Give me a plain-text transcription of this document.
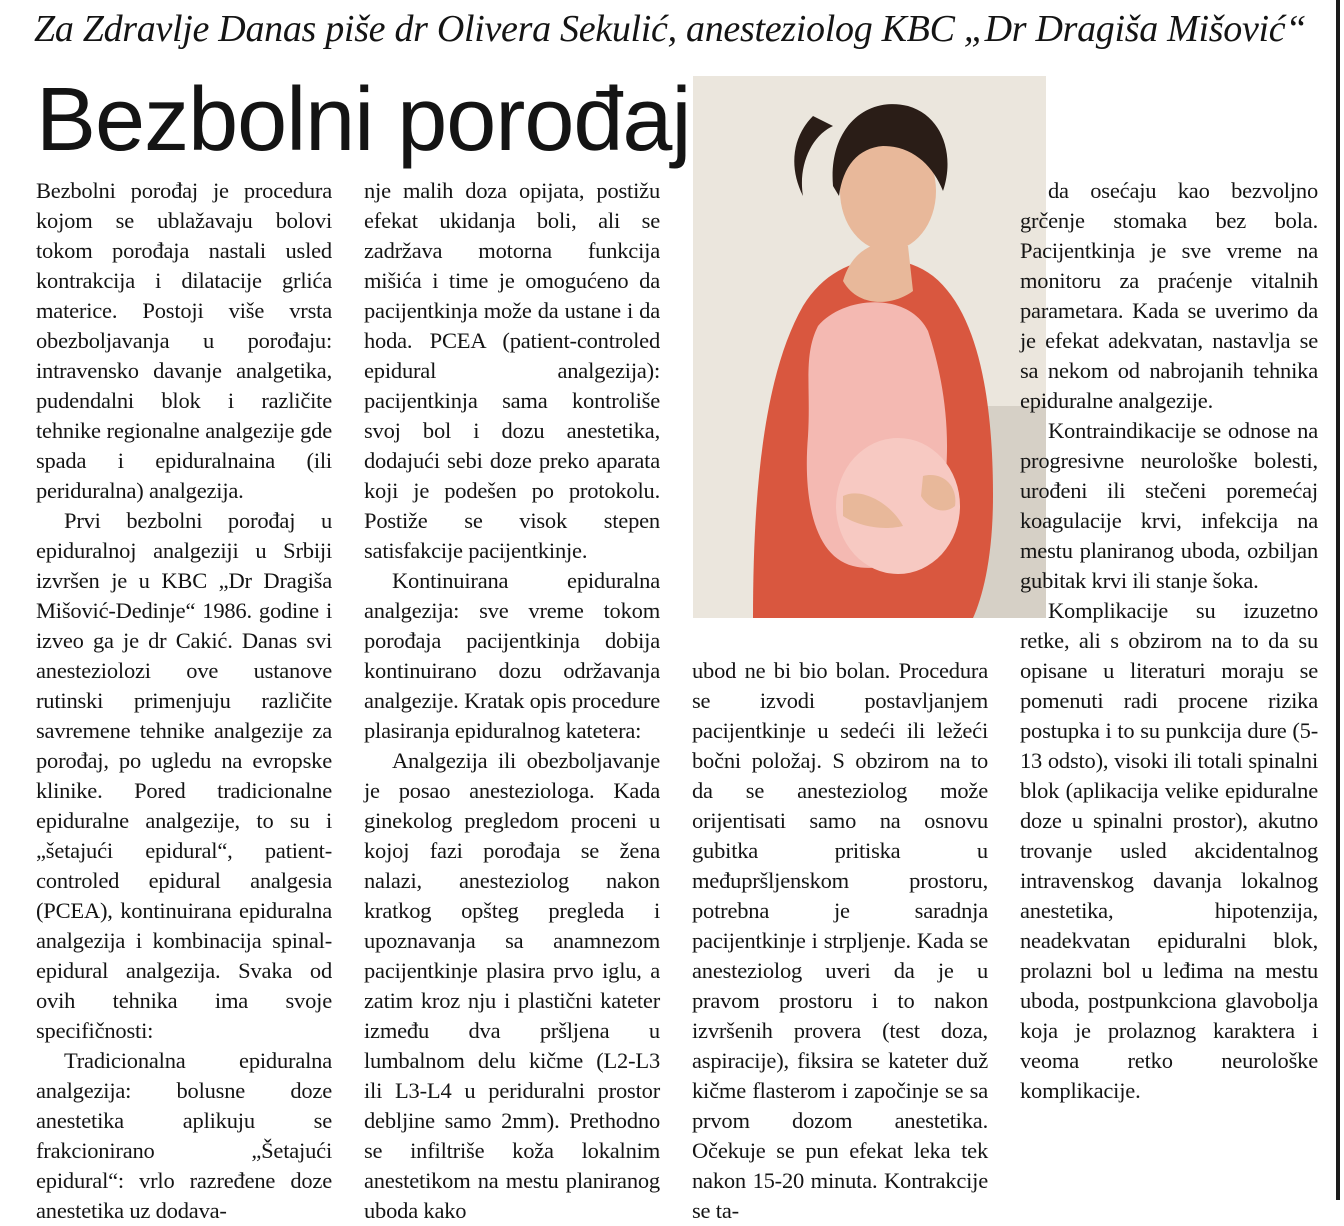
Za Zdravlje Danas piše dr Olivera Sekulić, anesteziolog KBC „Dr Dragiša Mišović“
Bezbolni porođaj

Bezbolni porođaj je procedura kojom se ublažavaju bolovi tokom porođaja nastali usled kontrakcija i dilatacije grlića materice. Postoji više vrsta obezboljavanja u porođaju: intravensko davanje analgetika, pudendalni blok i različite tehnike regionalne analgezije gde spada i epiduralnaina (ili periduralna) analgezija.

Prvi bezbolni porođaj u epiduralnoj analgeziji u Srbiji izvršen je u KBC „Dr Dragiša Mišović-Dedinje“ 1986. godine i izveo ga je dr Cakić. Danas svi anesteziolozi ove ustanove rutinski primenjuju različite savremene tehnike analgezije za porođaj, po ugledu na evropske klinike. Pored tradicionalne epiduralne analgezije, to su i „šetajući epidural“, patient-controled epidural analgesia (PCEA), kontinuirana epiduralna analgezija i kombinacija spinal-epidural analgezija. Svaka od ovih tehnika ima svoje specifičnosti:

Tradicionalna epiduralna analgezija: bolusne doze anestetika aplikuju se frakcionirano „Šetajući epidural“: vrlo razređene doze anestetika uz dodava-

nje malih doza opijata, postižu efekat ukidanja boli, ali se zadržava motorna funkcija mišića i time je omogućeno da pacijentkinja može da ustane i da hoda. PCEA (patient-controled epidural analgezija): pacijentkinja sama kontroliše svoj bol i dozu anestetika, dodajući sebi doze preko aparata koji je podešen po protokolu. Postiže se visok stepen satisfakcije pacijentkinje.

Kontinuirana epiduralna analgezija: sve vreme tokom porođaja pacijentkinja dobija kontinuirano dozu održavanja analgezije. Kratak opis procedure plasiranja epiduralnog katetera:

Analgezija ili obezboljavanje je posao anesteziologa. Kada ginekolog pregledom proceni u kojoj fazi porođaja se žena nalazi, anesteziolog nakon kratkog opšteg pregleda i upoznavanja sa anamnezom pacijentkinje plasira prvo iglu, a zatim kroz nju i plastični kateter između dva pršljena u lumbalnom delu kičme (L2-L3 ili L3-L4 u periduralni prostor debljine samo 2mm). Prethodno se infiltriše koža lokalnim anestetikom na mestu planiranog uboda kako

ubod ne bi bio bolan. Procedura se izvodi postavljanjem pacijentkinje u sedeći ili ležeći bočni položaj. S obzirom na to da se anesteziolog može orijentisati samo na osnovu gubitka pritiska u međupršljenskom prostoru, potrebna je saradnja pacijentkinje i strpljenje. Kada se anesteziolog uveri da je u pravom prostoru i to nakon izvršenih provera (test doza, aspiracije), fiksira se kateter duž kičme flasterom i započinje se sa prvom dozom anestetika. Očekuje se pun efekat leka tek nakon 15-20 minuta. Kontrakcije se ta-

da osećaju kao bezvoljno grčenje stomaka bez bola. Pacijentkinja je sve vreme na monitoru za praćenje vitalnih parametara. Kada se uverimo da je efekat adekvatan, nastavlja se sa nekom od nabrojanih tehnika epiduralne analgezije.

Kontraindikacije se odnose na progresivne neurološke bolesti, urođeni ili stečeni poremećaj koagulacije krvi, infekcija na mestu planiranog uboda, ozbiljan gubitak krvi ili stanje šoka.

Komplikacije su izuzetno retke, ali s obzirom na to da su opisane u literaturi moraju se pomenuti radi procene rizika postupka i to su punkcija dure (5-13 odsto), visoki ili totali spinalni blok (aplikacija velike epiduralne doze u spinalni prostor), akutno trovanje usled akcidentalnog intravenskog davanja lokalnog anestetika, hipotenzija, neadekvatan epiduralni blok, prolazni bol u leđima na mestu uboda, postpunkciona glavobolja koja je prolaznog karaktera i veoma retko neurološke komplikacije.
